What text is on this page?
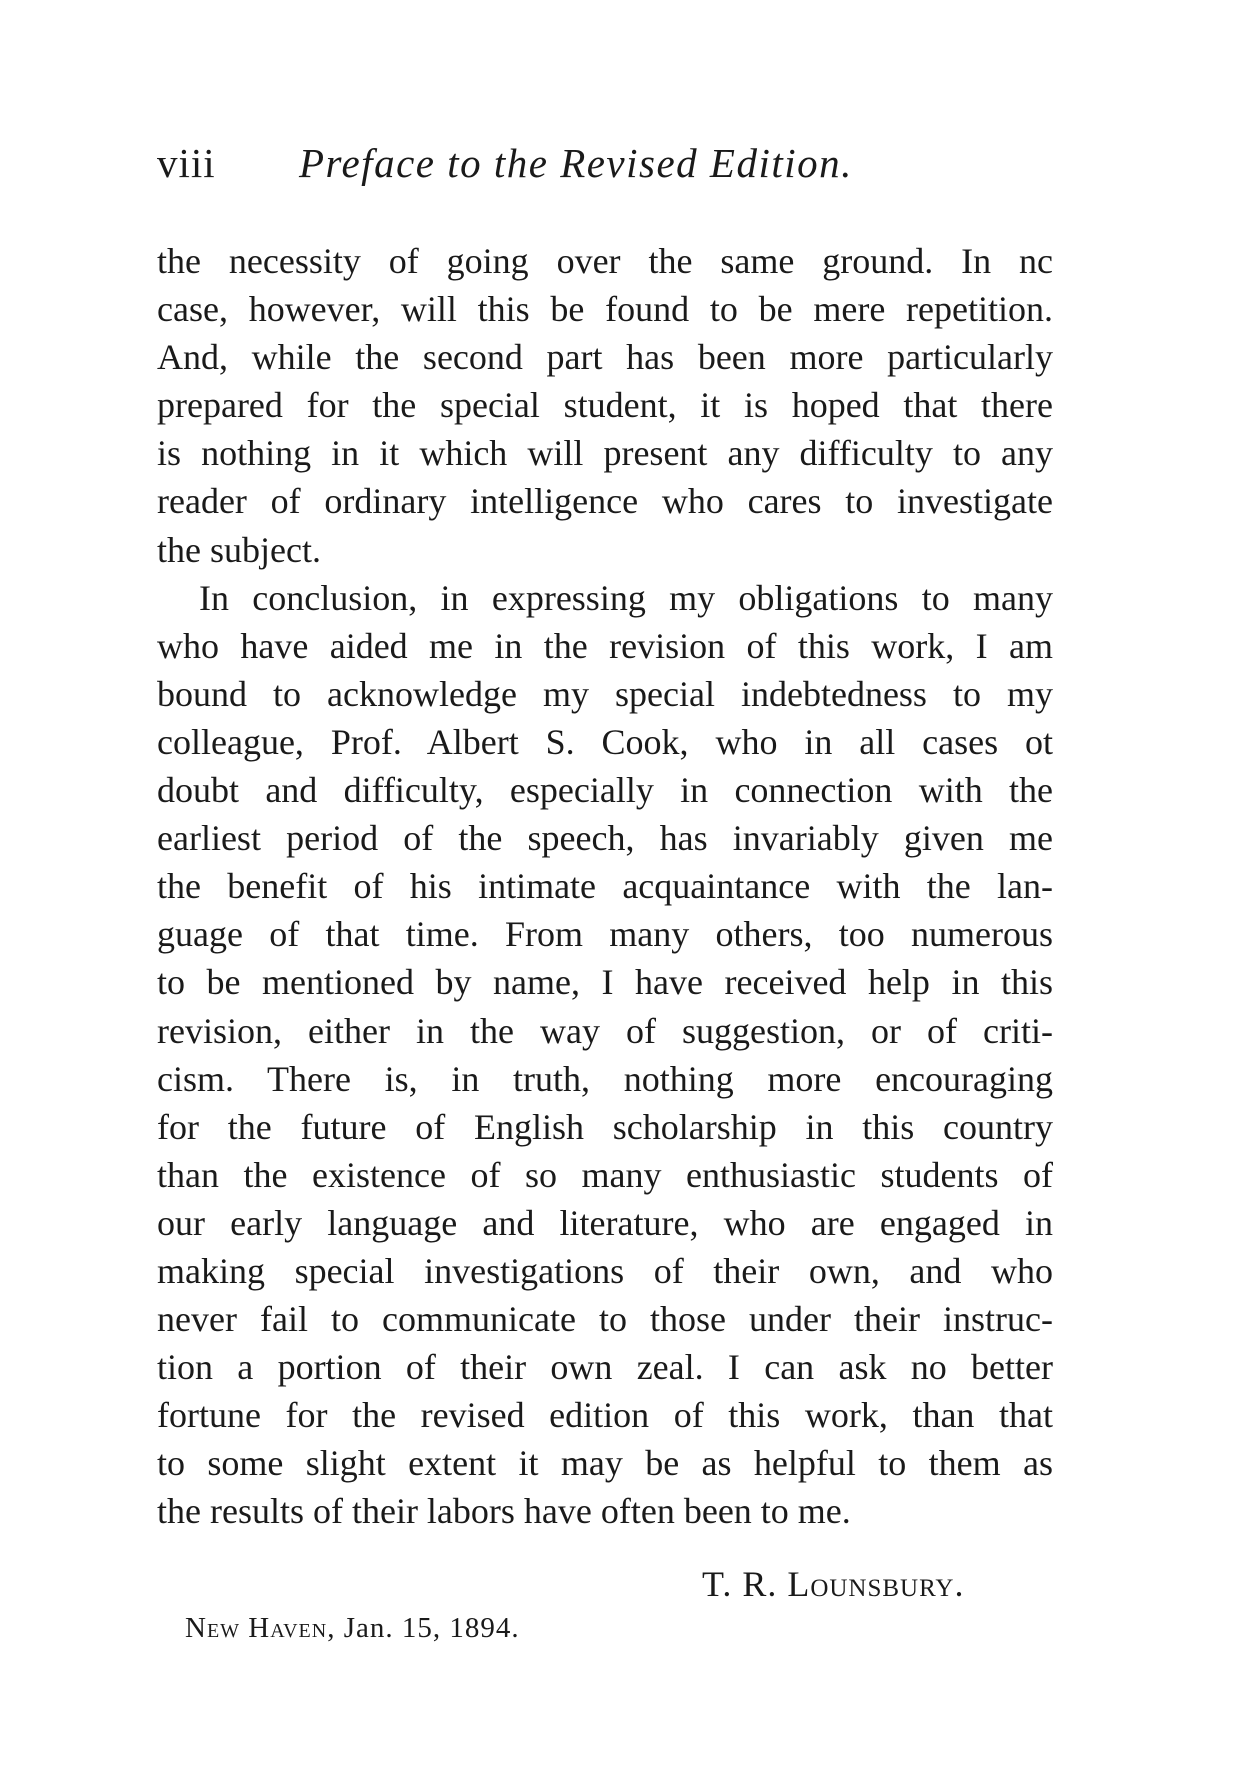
viii Preface to the Revised Edition.
the necessity of going over the same ground. In nc
case, however, will this be found to be mere repetition.
And, while the second part has been more particularly
prepared for the special student, it is hoped that there
is nothing in it which will present any difficulty to any
reader of ordinary intelligence who cares to investigate
the subject.
In conclusion, in expressing my obligations to many
who have aided me in the revision of this work, I am
bound to acknowledge my special indebtedness to my
colleague, Prof. Albert S. Cook, who in all cases ot
doubt and difficulty, especially in connection with the
earliest period of the speech, has invariably given me
the benefit of his intimate acquaintance with the lan-
guage of that time. From many others, too numerous
to be mentioned by name, I have received help in this
revision, either in the way of suggestion, or of criti-
cism. There is, in truth, nothing more encouraging
for the future of English scholarship in this country
than the existence of so many enthusiastic students of
our early language and literature, who are engaged in
making special investigations of their own, and who
never fail to communicate to those under their instruc-
tion a portion of their own zeal. I can ask no better
fortune for the revised edition of this work, than that
to some slight extent it may be as helpful to them as
the results of their labors have often been to me.
T. R. Lounsbury.
New Haven, Jan. 15, 1894.
